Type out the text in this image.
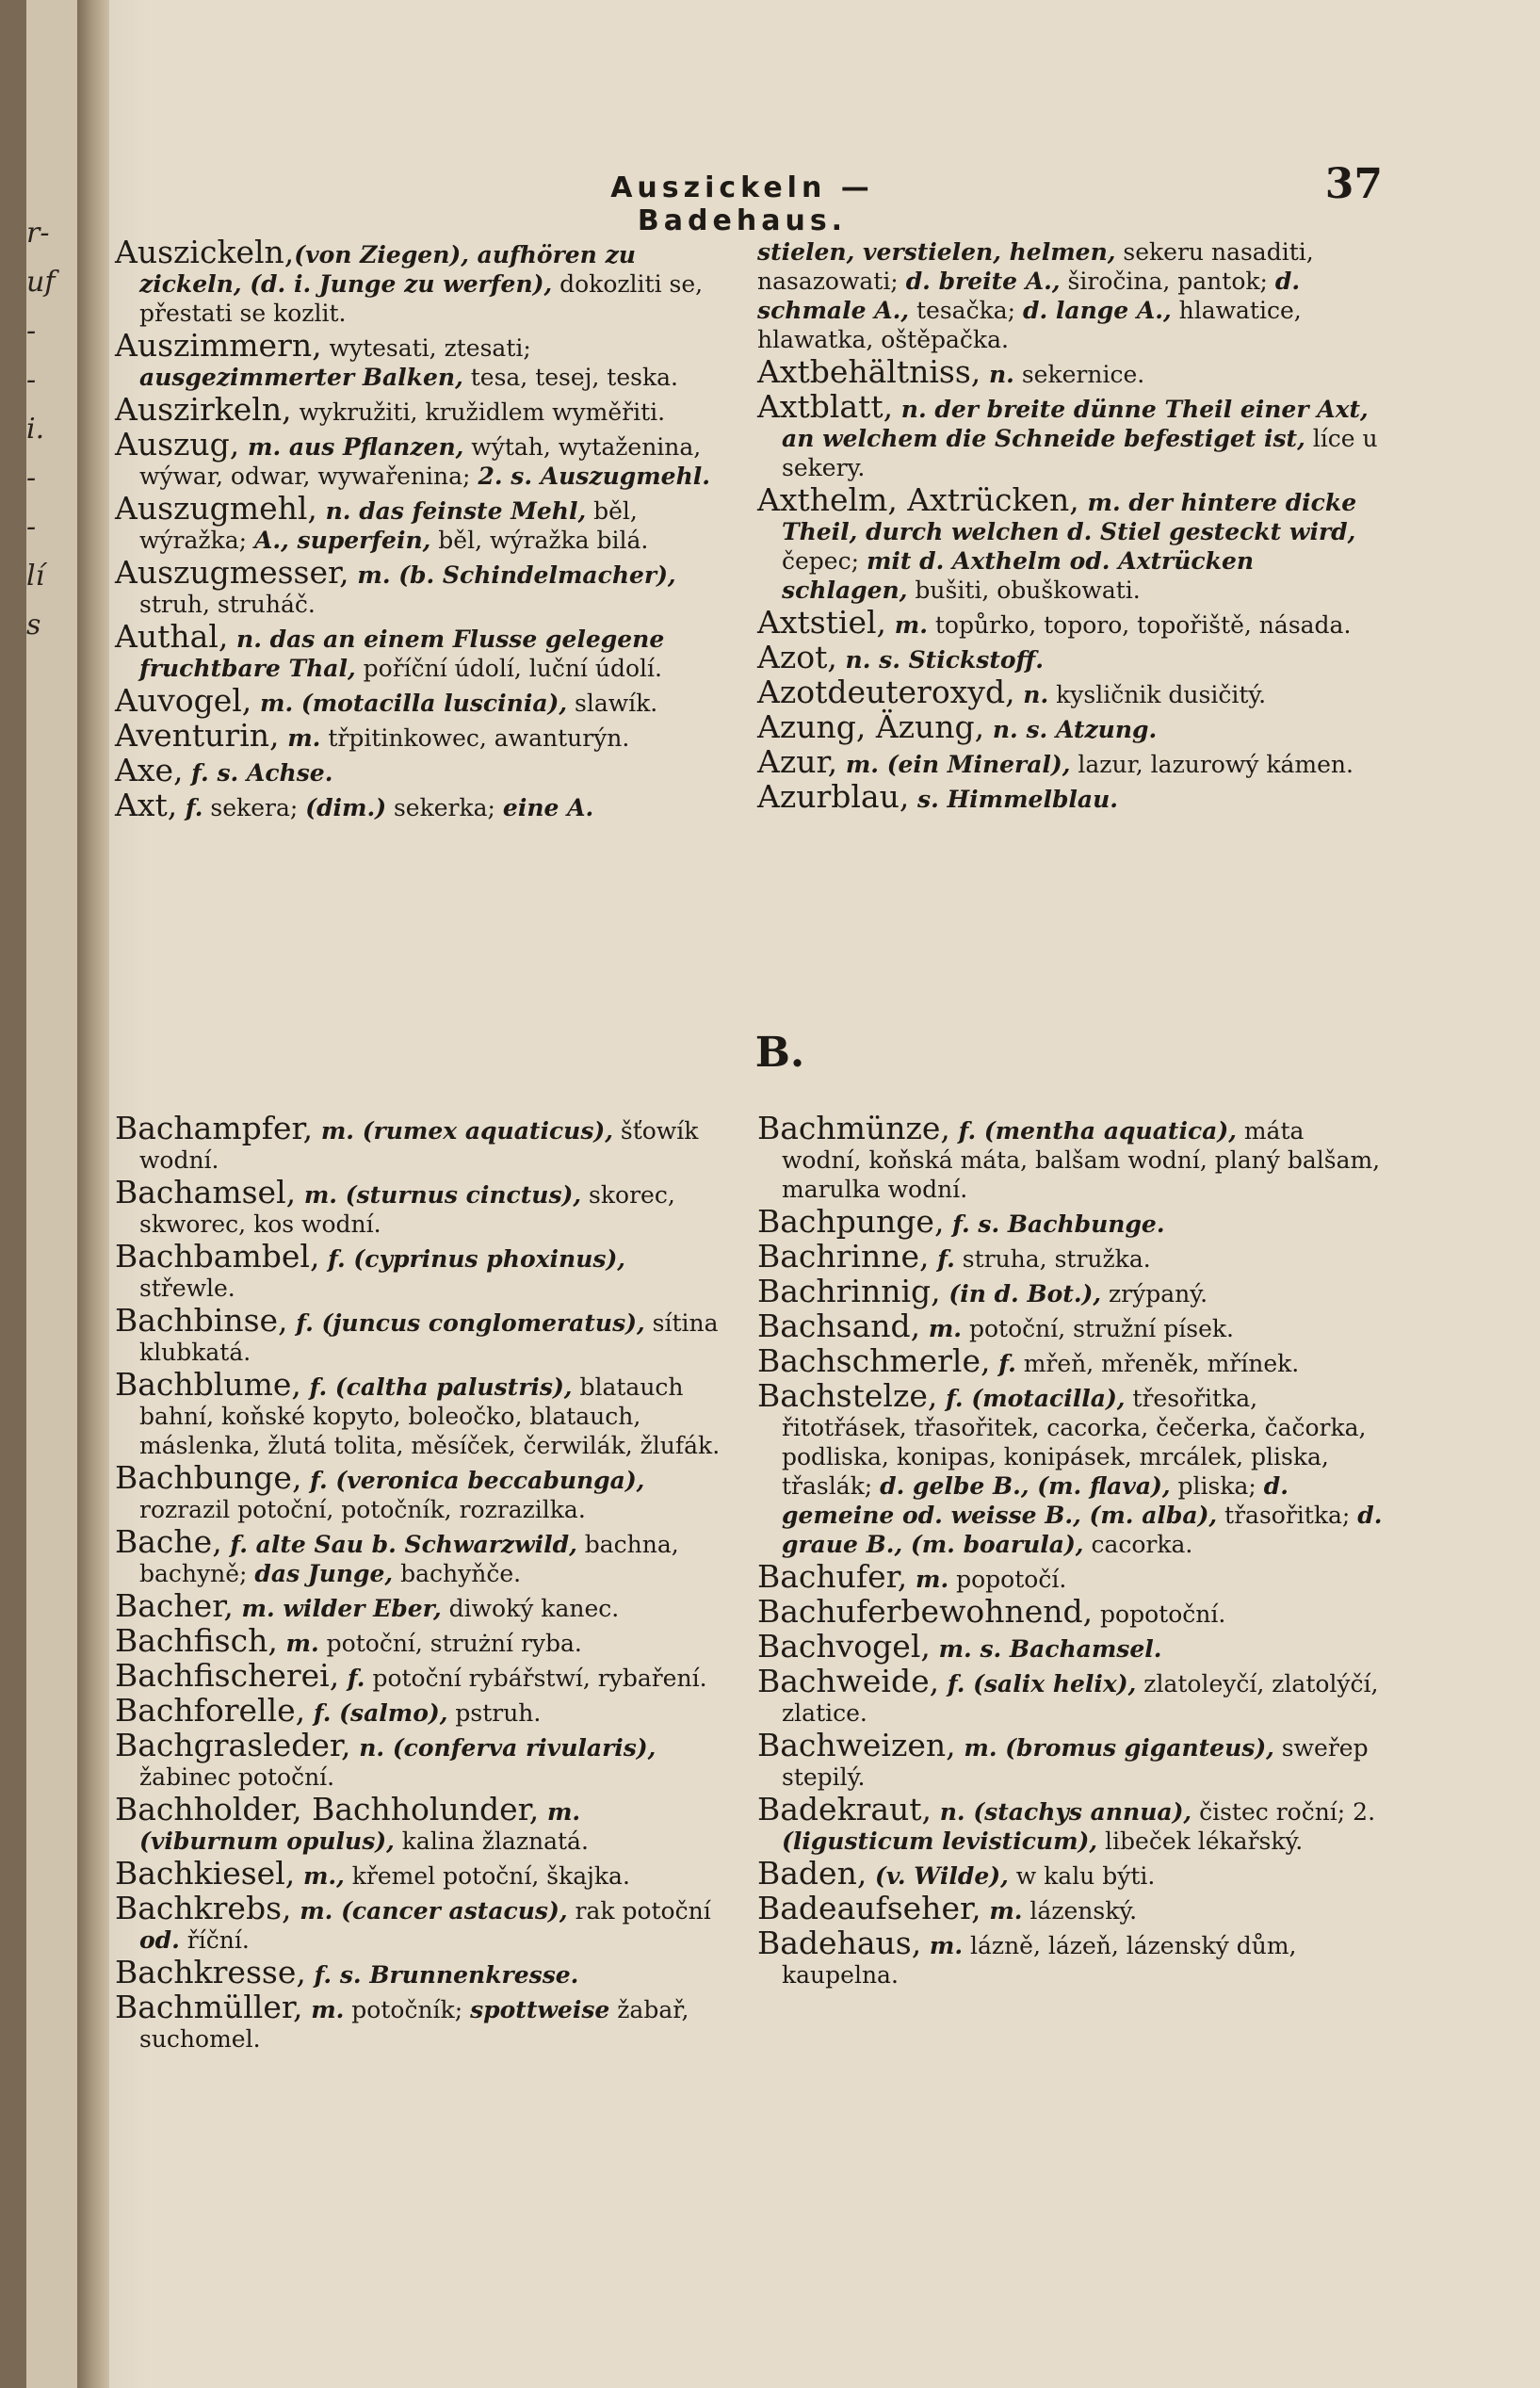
r-
uf
-
-
i.
-
-
lí
s
Auszickeln — Badehaus.
37
Auszickeln,(von Ziegen), aufhören zu zickeln, (d. i. Junge zu werfen), dokozliti se, přestati se kozlit.
Auszimmern, wytesati, ztesati; ausgezimmerter Balken, tesa, tesej, teska.
Auszirkeln, wykružiti, kružidlem wyměřiti.
Auszug, m. aus Pflanzen, wýtah, wytaženina, wýwar, odwar, wywařenina; 2. s. Auszugmehl.
Auszugmehl, n. das feinste Mehl, běl, wýražka; A., superfein, běl, wýražka bilá.
Auszugmesser, m. (b. Schindelmacher), struh, struháč.
Authal, n. das an einem Flusse gelegene fruchtbare Thal, poříční údolí, luční údolí.
Auvogel, m. (motacilla luscinia), slawík.
Aventurin, m. třpitinkowec, awanturýn.
Axe, f. s. Achse.
Axt, f. sekera; (dim.) sekerka; eine A.
stielen, verstielen, helmen, sekeru nasaditi, nasazowati; d. breite A., širočina, pantok; d. schmale A., tesačka; d. lange A., hlawatice, hlawatka, oštěpačka.
Axtbehältniss, n. sekernice.
Axtblatt, n. der breite dünne Theil einer Axt, an welchem die Schneide befestiget ist, líce u sekery.
Axthelm, Axtrücken, m. der hintere dicke Theil, durch welchen d. Stiel gesteckt wird, čepec; mit d. Axthelm od. Axtrücken schlagen, bušiti, obuškowati.
Axtstiel, m. topůrko, toporo, topořiště, násada.
Azot, n. s. Stickstoff.
Azotdeuteroxyd, n. kysličnik dusičitý.
Azung, Äzung, n. s. Atzung.
Azur, m. (ein Mineral), lazur, lazurowý kámen.
Azurblau, s. Himmelblau.
B.
Bachampfer, m. (rumex aquaticus), šťowík wodní.
Bachamsel, m. (sturnus cinctus), skorec, skworec, kos wodní.
Bachbambel, f. (cyprinus phoxinus), střewle.
Bachbinse, f. (juncus conglomeratus), sítina klubkatá.
Bachblume, f. (caltha palustris), blatauch bahní, koňské kopyto, boleočko, blatauch, máslenka, žlutá tolita, měsíček, čerwilák, žlufák.
Bachbunge, f. (veronica beccabunga), rozrazil potoční, potočník, rozrazilka.
Bache, f. alte Sau b. Schwarzwild, bachna, bachyně; das Junge, bachyňče.
Bacher, m. wilder Eber, diwoký kanec.
Bachfisch, m. potoční, strużní ryba.
Bachfischerei, f. potoční rybářstwí, rybaření.
Bachforelle, f. (salmo), pstruh.
Bachgrasleder, n. (conferva rivularis), žabinec potoční.
Bachholder, Bachholunder, m. (viburnum opulus), kalina žlaznatá.
Bachkiesel, m., křemel potoční, škajka.
Bachkrebs, m. (cancer astacus), rak potoční od. říční.
Bachkresse, f. s. Brunnenkresse.
Bachmüller, m. potočník; spottweise žabař, suchomel.
Bachmünze, f. (mentha aquatica), máta wodní, koňská máta, balšam wodní, planý balšam, marulka wodní.
Bachpunge, f. s. Bachbunge.
Bachrinne, f. struha, stružka.
Bachrinnig, (in d. Bot.), zrýpaný.
Bachsand, m. potoční, stružní písek.
Bachschmerle, f. mřeň, mřeněk, mřínek.
Bachstelze, f. (motacilla), třesořitka, řitotřásek, třasořitek, cacorka, čečerka, čačorka, podliska, konipas, konipásek, mrcálek, pliska, třaslák; d. gelbe B., (m. flava), pliska; d. gemeine od. weisse B., (m. alba), třasořitka; d. graue B., (m. boarula), cacorka.
Bachufer, m. popotočí.
Bachuferbewohnend, popotoční.
Bachvogel, m. s. Bachamsel.
Bachweide, f. (salix helix), zlatoleyčí, zlatolýčí, zlatice.
Bachweizen, m. (bromus giganteus), sweřep stepilý.
Badekraut, n. (stachys annua), čistec roční; 2. (ligusticum levisticum), libeček lékařský.
Baden, (v. Wilde), w kalu býti.
Badeaufseher, m. lázenský.
Badehaus, m. lázně, lázeň, lázenský dům, kaupelna.
